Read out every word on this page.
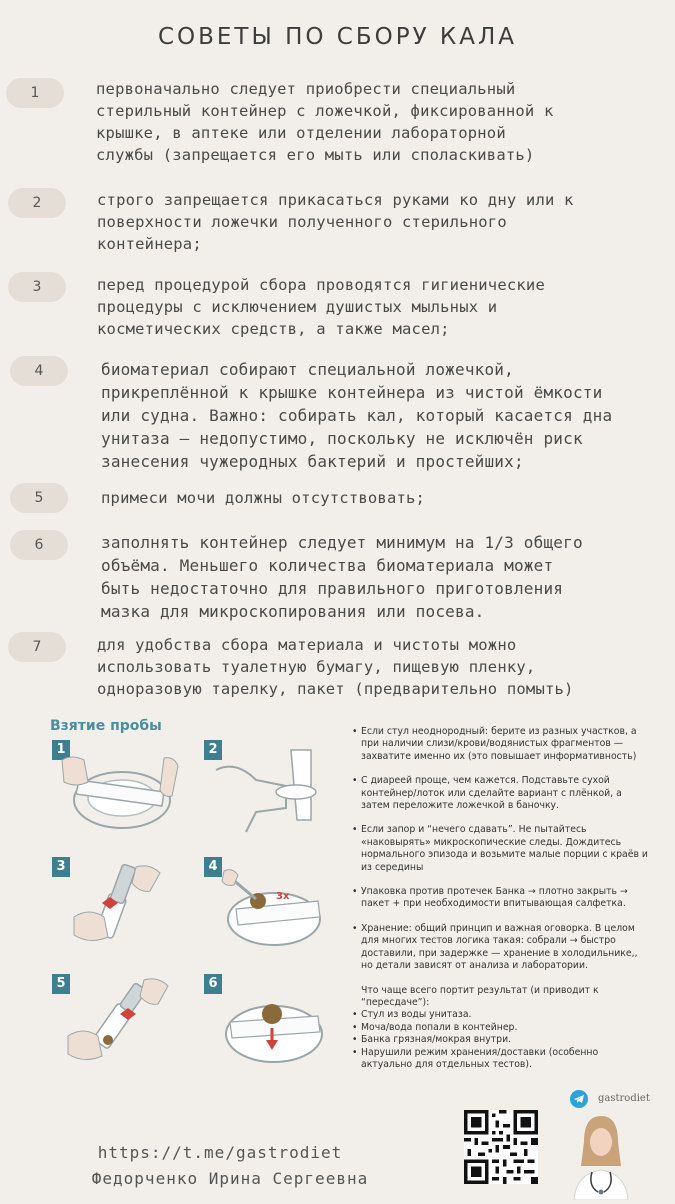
СОВЕТЫ ПО СБОРУ КАЛА
1	первоначально следует приобрести специальный
стерильный контейнер с ложечкой, фиксированной к
крышке, в аптеке или отделении лабораторной
службы (запрещается его мыть или споласкивать)
2	строго запрещается прикасаться руками ко дну или к
поверхности ложечки полученного стерильного
контейнера;
3	перед процедурой сбора проводятся гигиенические
процедуры с исключением душистых мыльных и
косметических средств, а также масел;
4	биоматериал собирают специальной ложечкой,
прикреплённой к крышке контейнера из чистой ёмкости
или судна. Важно: собирать кал, который касается дна
унитаза — недопустимо, поскольку не исключён риск
занесения чужеродных бактерий и простейших;
5	примеси мочи должны отсутствовать;
6	заполнять контейнер следует минимум на 1/3 общего
объёма. Меньшего количества биоматериала может
быть недостаточно для правильного приготовления
мазка для микроскопирования или посева.
7	для удобства сбора материала и чистоты можно
использовать туалетную бумагу, пищевую пленку,
одноразовую тарелку, пакет (предварительно помыть)
Взятие пробы
1	2
3	4
3x
5	6
• Если стул неоднородный: берите из разных участков, а при наличии слизи/крови/водянистых фрагментов — захватите именно их (это повышает информативность)
• С диареей проще, чем кажется. Подставьте сухой контейнер/лоток или сделайте вариант с плёнкой, а затем переложите ложечкой в баночку.
• Если запор и “нечего сдавать”. Не пытайтесь «наковырять» микроскопические следы. Дождитесь нормального эпизода и возьмите малые порции с краёв и из середины
• Упаковка против протечек Банка → плотно закрыть → пакет + при необходимости впитывающая салфетка.
• Хранение: общий принцип и важная оговорка. В целом для многих тестов логика такая: собрали → быстро доставили, при задержке — хранение в холодильнике,, но детали зависят от анализа и лаборатории.
Что чаще всего портит результат (и приводит к “пересдаче”):
• Стул из воды унитаза.
• Моча/вода попали в контейнер.
• Банка грязная/мокрая внутри.
• Нарушили режим хранения/доставки (особенно актуально для отдельных тестов).
gastrodiet
https://t.me/gastrodiet
Федорченко Ирина Сергеевна
